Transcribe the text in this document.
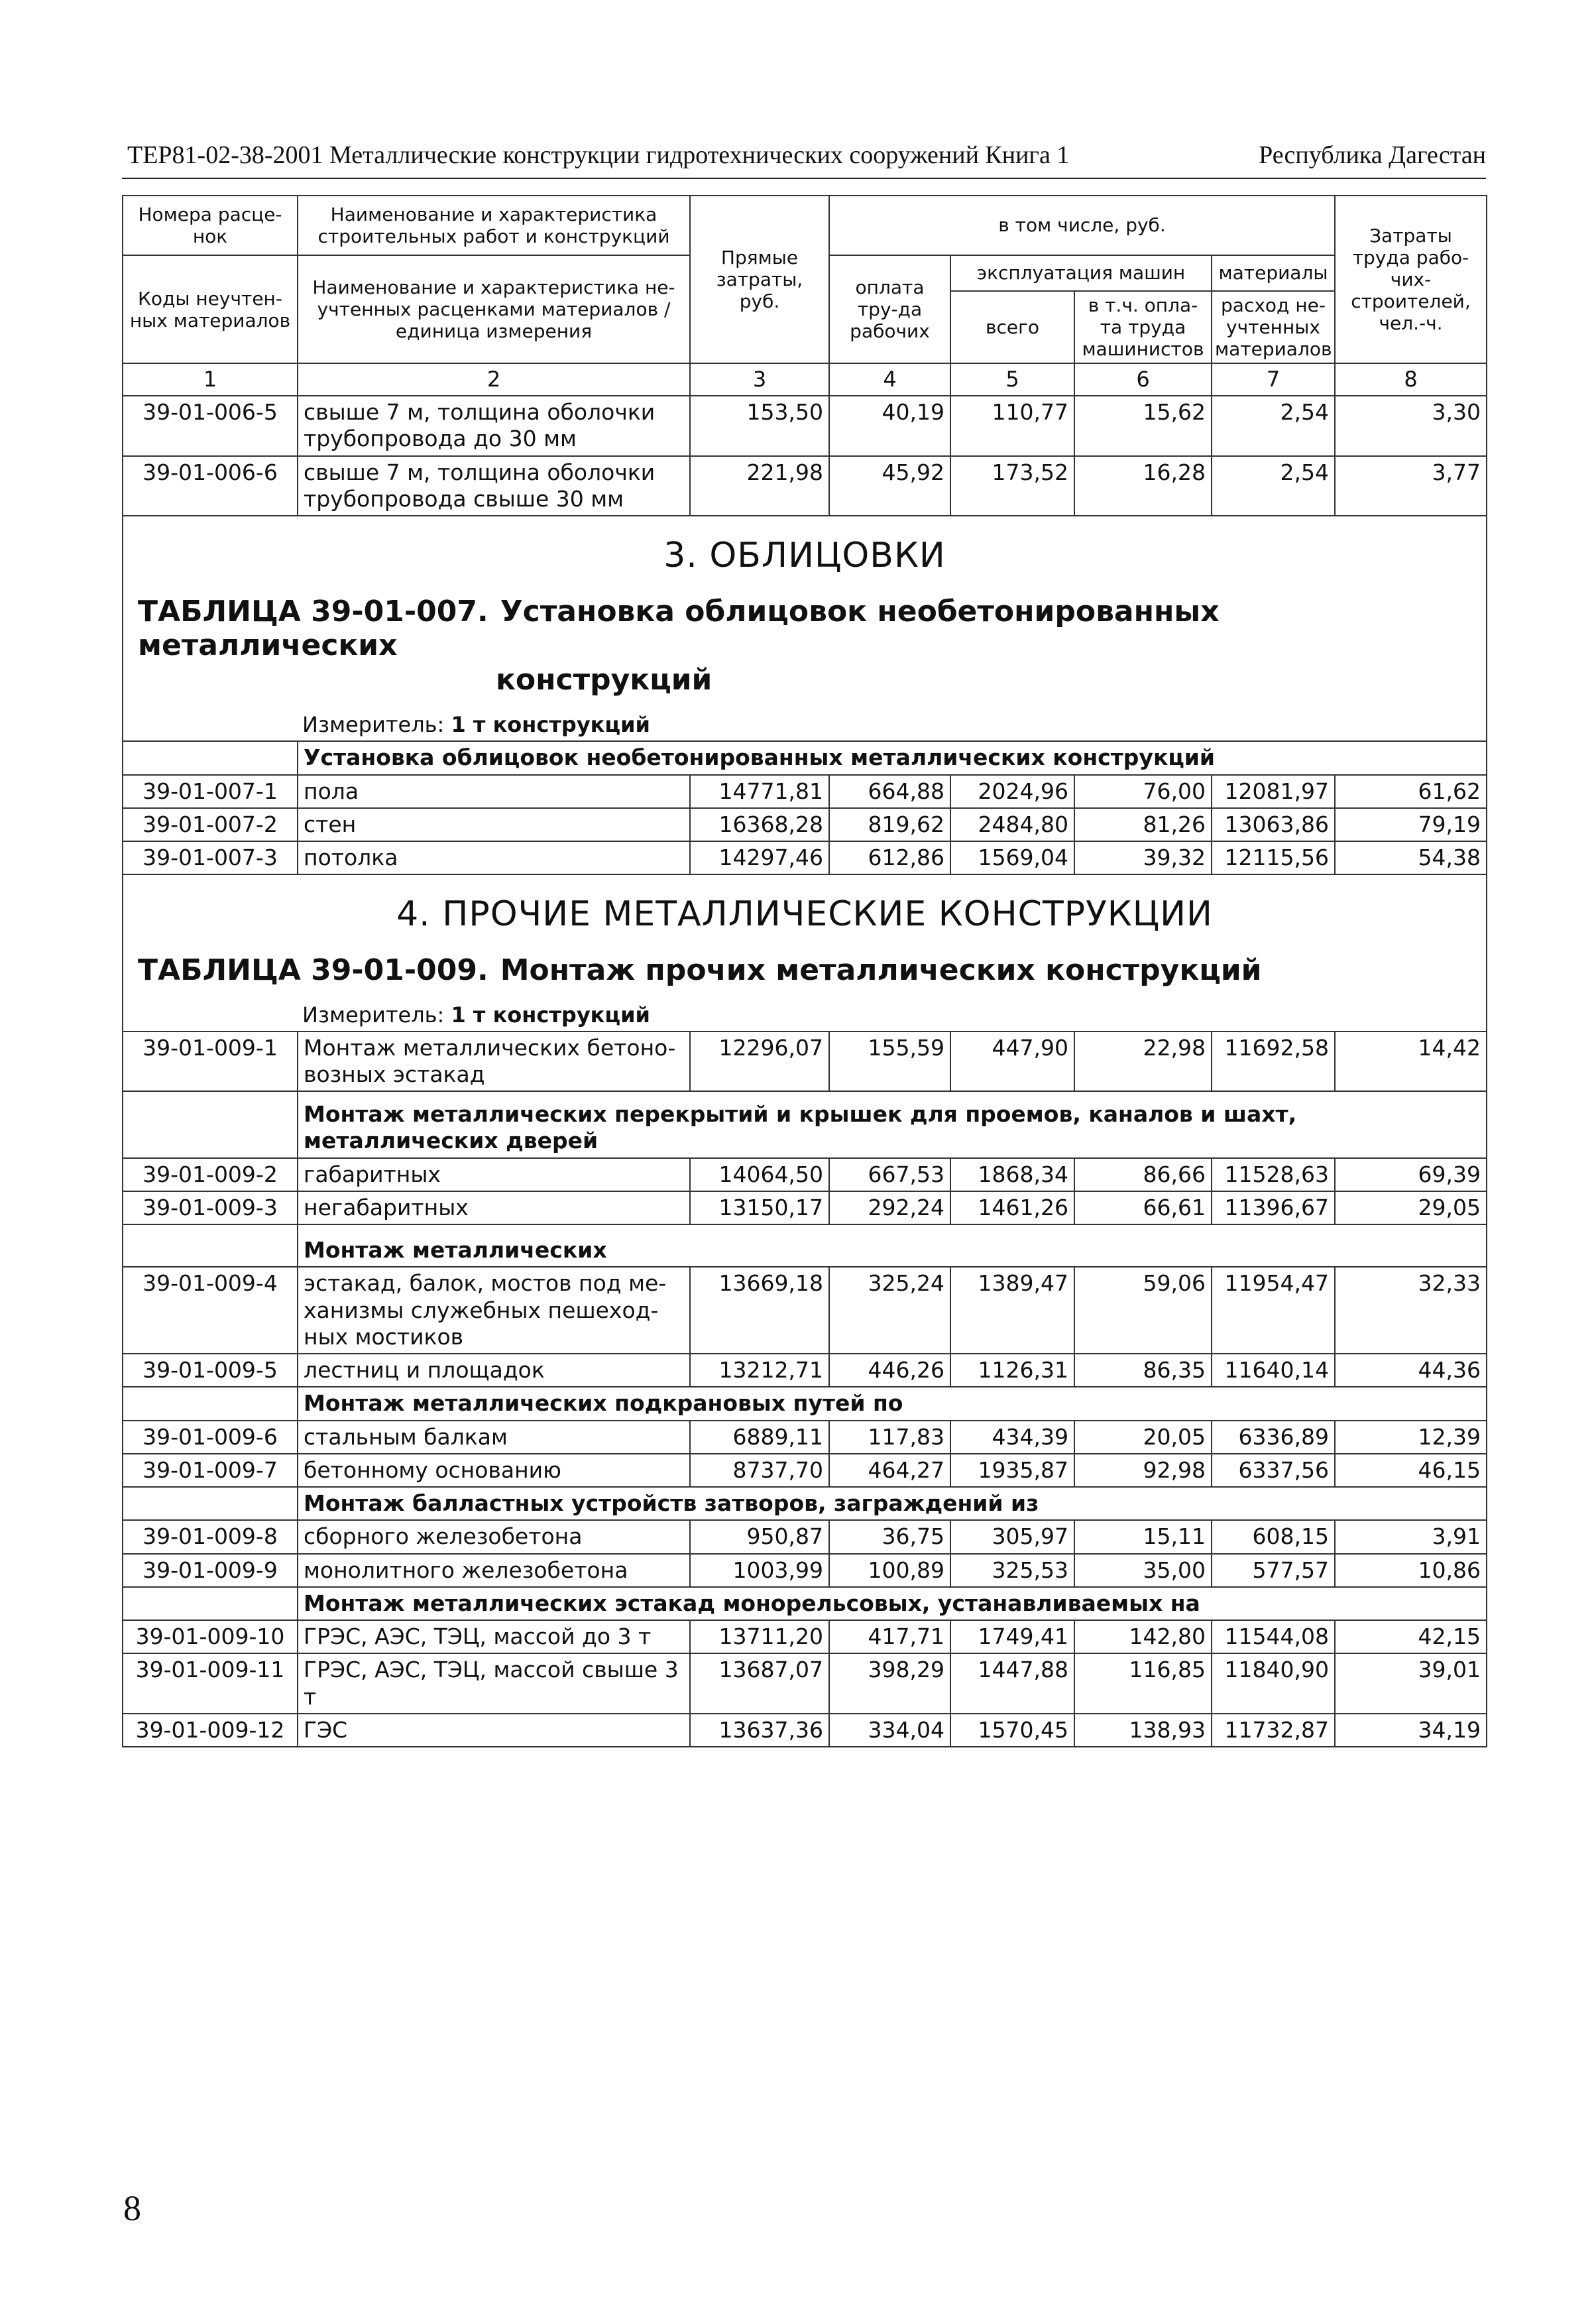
ТЕР81-02-38-2001 Металлические конструкции гидротехнических сооружений Книга 1	Республика Дагестан
Номера расце-нок	Наименование и характеристика строительных работ и конструкций	Прямые затраты, руб.	в том числе, руб.				Затраты труда рабо-чих-строителей, чел.-ч.
Коды неучтен-ных материалов	Наименование и характеристика не-учтенных расценками материалов / единица измерения		оплата тру-да рабочих	эксплуатация машин		материалы	
				всего	в т.ч. опла-та труда машинистов	расход не-учтенных материалов	
1	2	3	4	5	6	7	8
39-01-006-5	свыше 7 м, толщина оболочки трубопровода до 30 мм	153,50	40,19	110,77	15,62	2,54	3,30
39-01-006-6	свыше 7 м, толщина оболочки трубопровода свыше 30 мм	221,98	45,92	173,52	16,28	2,54	3,77

3. ОБЛИЦОВКИ
ТАБЛИЦА 39-01-007. Установка облицовок необетонированных металлических
конструкций
Измеритель: 1 т конструкций							

	Установка облицовок необетонированных металлических конструкций						
39-01-007-1	пола	14771,81	664,88	2024,96	76,00	12081,97	61,62
39-01-007-2	стен	16368,28	819,62	2484,80	81,26	13063,86	79,19
39-01-007-3	потолка	14297,46	612,86	1569,04	39,32	12115,56	54,38

4. ПРОЧИЕ МЕТАЛЛИЧЕСКИЕ КОНСТРУКЦИИ
ТАБЛИЦА 39-01-009. Монтаж прочих металлических конструкций
Измеритель: 1 т конструкций							

39-01-009-1	Монтаж металлических бетоно-возных эстакад	12296,07	155,59	447,90	22,98	11692,58	14,42
	Монтаж металлических перекрытий и крышек для проемов, каналов и шахт, металлических дверей						
39-01-009-2	габаритных	14064,50	667,53	1868,34	86,66	11528,63	69,39
39-01-009-3	негабаритных	13150,17	292,24	1461,26	66,61	11396,67	29,05
	Монтаж металлических						
39-01-009-4	эстакад, балок, мостов под ме-ханизмы служебных пешеход-ных мостиков	13669,18	325,24	1389,47	59,06	11954,47	32,33
39-01-009-5	лестниц и площадок	13212,71	446,26	1126,31	86,35	11640,14	44,36
	Монтаж металлических подкрановых путей по						
39-01-009-6	стальным балкам	6889,11	117,83	434,39	20,05	6336,89	12,39
39-01-009-7	бетонному основанию	8737,70	464,27	1935,87	92,98	6337,56	46,15
	Монтаж балластных устройств затворов, заграждений из						
39-01-009-8	сборного железобетона	950,87	36,75	305,97	15,11	608,15	3,91
39-01-009-9	монолитного железобетона	1003,99	100,89	325,53	35,00	577,57	10,86
	Монтаж металлических эстакад монорельсовых, устанавливаемых на						
39-01-009-10	ГРЭС, АЭС, ТЭЦ, массой до 3 т	13711,20	417,71	1749,41	142,80	11544,08	42,15
39-01-009-11	ГРЭС, АЭС, ТЭЦ, массой свыше 3 т	13687,07	398,29	1447,88	116,85	11840,90	39,01
39-01-009-12	ГЭС	13637,36	334,04	1570,45	138,93	11732,87	34,19
8
